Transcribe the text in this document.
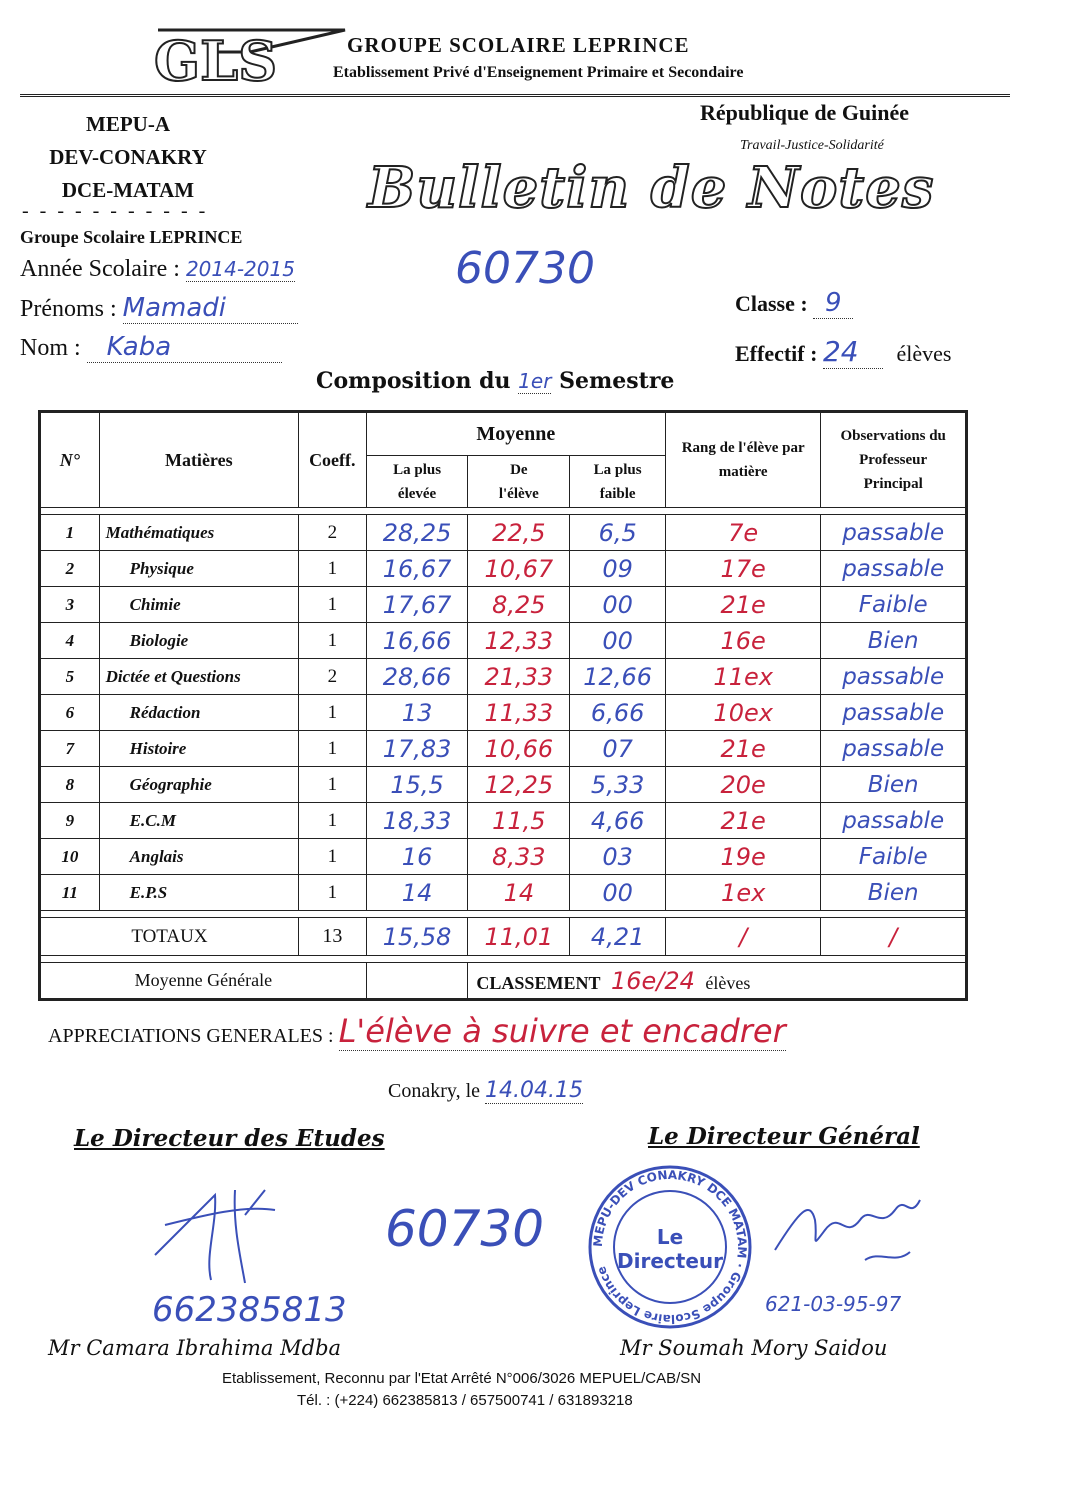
GLS	GROUPE SCOLAIRE LEPRINCE
Etablissement Privé d'Enseignement Primaire et Secondaire
MEPU-A
DEV-CONAKRY
DCE-MATAM
- - - - - - - - - - -
Groupe Scolaire LEPRINCE
République de Guinée
Travail-Justice-Solidarité
Bulletin de Notes
Année Scolaire : 2014-2015
Prénoms : Mamadi
Nom : Kaba
60730
Classe : 9
Effectif : 24 élèves
Composition du 1er Semestre
N°	Matières	Coeff.	Moyenne			Rang de l'élève par matière	Observations du Professeur Principal
			La plus élevée	De l'élève	La plus faible		

1	Mathématiques	2	28,25	22,5	6,5	7e	passable
2	Physique	1	16,67	10,67	09	17e	passable
3	Chimie	1	17,67	8,25	00	21e	Faible
4	Biologie	1	16,66	12,33	00	16e	Bien
5	Dictée et Questions	2	28,66	21,33	12,66	11ex	passable
6	Rédaction	1	13	11,33	6,66	10ex	passable
7	Histoire	1	17,83	10,66	07	21e	passable
8	Géographie	1	15,5	12,25	5,33	20e	Bien
9	E.C.M	1	18,33	11,5	4,66	21e	passable
10	Anglais	1	16	8,33	03	19e	Faible
11	E.P.S	1	14	14	00	1ex	Bien

TOTAUX		13	15,58	11,01	4,21	/	/

Moyenne Générale				CLASSEMENT 16e/24 élèves			
APPRECIATIONS GENERALES : L'élève à suivre et encadrer
Conakry, le 14.04.15
Le Directeur des Etudes	Le Directeur Général
60730
662385813
Mr Camara Ibrahima Mdba
MEPU-DEV CONAKRY DCE MATAM · Groupe Scolaire Leprince
Le
Directeur
621-03-95-97
Mr Soumah Mory Saidou
Etablissement, Reconnu par l'Etat Arrêté N°006/3026 MEPUEL/CAB/SN
Tél. : (+224) 662385813 / 657500741 / 631893218
